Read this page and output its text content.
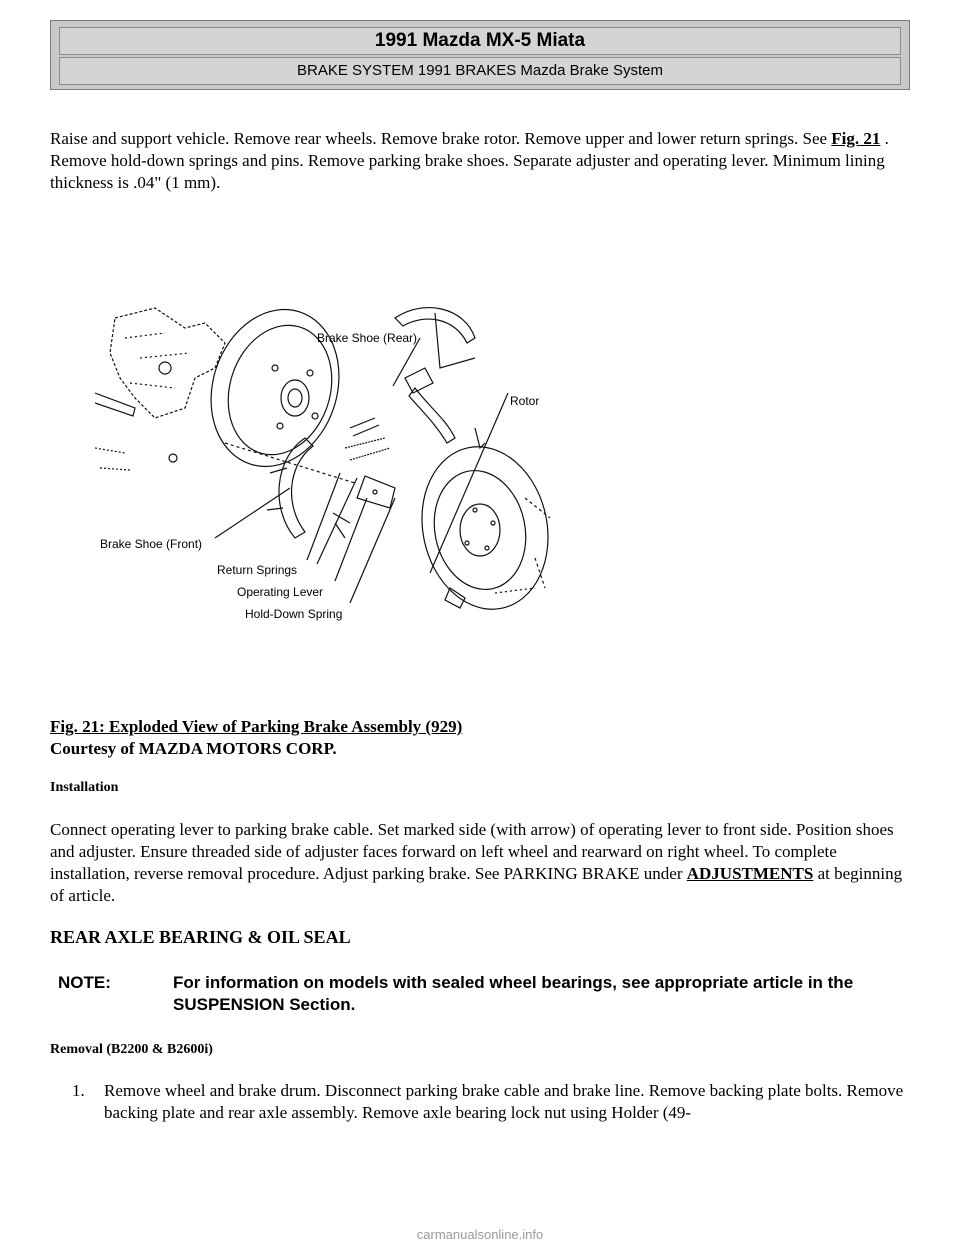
1991 Mazda MX-5 Miata
BRAKE SYSTEM 1991 BRAKES Mazda Brake System

Raise and support vehicle. Remove rear wheels. Remove brake rotor. Remove upper and lower return springs. See Fig. 21 . Remove hold-down springs and pins. Remove parking brake shoes. Separate adjuster and operating lever. Minimum lining thickness is .04" (1 mm).

Brake Shoe (Rear)
Rotor
Brake Shoe (Front)
Return Springs
Operating Lever
Hold-Down Spring
Fig. 21: Exploded View of Parking Brake Assembly (929)
Courtesy of MAZDA MOTORS CORP.
Installation

Connect operating lever to parking brake cable. Set marked side (with arrow) of operating lever to front side. Position shoes and adjuster. Ensure threaded side of adjuster faces forward on left wheel and rearward on right wheel. To complete installation, reverse removal procedure. Adjust parking brake. See PARKING BRAKE under ADJUSTMENTS at beginning of article.

REAR AXLE BEARING & OIL SEAL
NOTE:	For information on models with sealed wheel bearings, see appropriate article in the SUSPENSION Section.
Removal (B2200 & B2600i)
1. Remove wheel and brake drum. Disconnect parking brake cable and brake line. Remove backing plate bolts. Remove backing plate and rear axle assembly. Remove axle bearing lock nut using Holder (49-
carmanualsonline.info
